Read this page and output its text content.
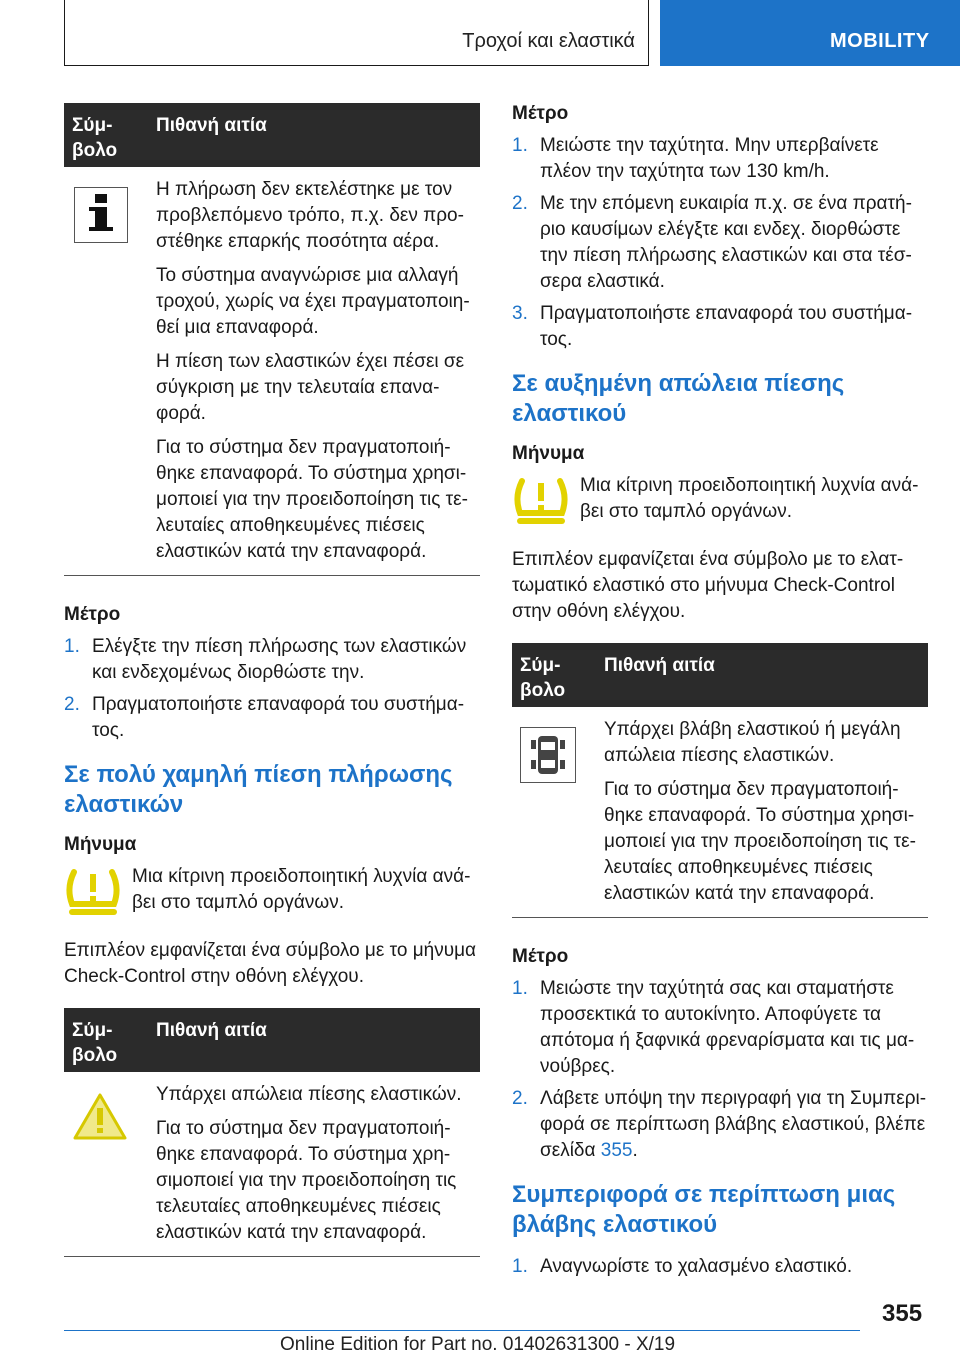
Τροχοί και ελαστικά	MOBILITY
Σύμ-βολο
Πιθανή αιτία

Η πλήρωση δεν εκτελέστηκε με τον προβλεπόμενο τρόπο, π.χ. δεν προ-στέθηκε επαρκής ποσότητα αέρα.

Το σύστημα αναγνώρισε μια αλλαγή τροχού, χωρίς να έχει πραγματοποιη-θεί μια επαναφορά.

Η πίεση των ελαστικών έχει πέσει σε σύγκριση με την τελευταία επανα-φορά.

Για το σύστημα δεν πραγματοποιή-θηκε επαναφορά. Το σύστημα χρησι-μοποιεί για την προειδοποίηση τις τε-λευταίες αποθηκευμένες πιέσεις ελαστικών κατά την επαναφορά.

Μέτρο
1. Ελέγξτε την πίεση πλήρωσης των ελαστικών και ενδεχομένως διορθώστε την.
2. Πραγματοποιήστε επαναφορά του συστήμα-τος.
Σε πολύ χαμηλή πίεση πλήρωσης ελαστικών
Μήνυμα
Μια κίτρινη προειδοποιητική λυχνία ανά-βει στο ταμπλό οργάνων.
Επιπλέον εμφανίζεται ένα σύμβολο με το μήνυμα Check-Control στην οθόνη ελέγχου.
Σύμ-βολο
Πιθανή αιτία

Υπάρχει απώλεια πίεσης ελαστικών.

Για το σύστημα δεν πραγματοποιή-θηκε επαναφορά. Το σύστημα χρη-σιμοποιεί για την προειδοποίηση τις τελευταίες αποθηκευμένες πιέσεις ελαστικών κατά την επαναφορά.

Μέτρο
1. Μειώστε την ταχύτητα. Μην υπερβαίνετε πλέον την ταχύτητα των 130 km/h.
2. Με την επόμενη ευκαιρία π.χ. σε ένα πρατή-ριο καυσίμων ελέγξτε και ενδεχ. διορθώστε την πίεση πλήρωσης ελαστικών και στα τέσ-σερα ελαστικά.
3. Πραγματοποιήστε επαναφορά του συστήμα-τος.
Σε αυξημένη απώλεια πίεσης ελαστικού
Μήνυμα
Μια κίτρινη προειδοποιητική λυχνία ανά-βει στο ταμπλό οργάνων.
Επιπλέον εμφανίζεται ένα σύμβολο με το ελατ-τωματικό ελαστικό στο μήνυμα Check-Control στην οθόνη ελέγχου.
Σύμ-βολο
Πιθανή αιτία

Υπάρχει βλάβη ελαστικού ή μεγάλη απώλεια πίεσης ελαστικών.

Για το σύστημα δεν πραγματοποιή-θηκε επαναφορά. Το σύστημα χρησι-μοποιεί για την προειδοποίηση τις τε-λευταίες αποθηκευμένες πιέσεις ελαστικών κατά την επαναφορά.

Μέτρο
1. Μειώστε την ταχύτητά σας και σταματήστε προσεκτικά το αυτοκίνητο. Αποφύγετε τα απότομα ή ξαφνικά φρεναρίσματα και τις μα-νούβρες.
2. Λάβετε υπόψη την περιγραφή για τη Συμπερι-φορά σε περίπτωση βλάβης ελαστικού, βλέπε σελίδα 355.
Συμπεριφορά σε περίπτωση μιας βλάβης ελαστικού
1. Αναγνωρίστε το χαλασμένο ελαστικό.
355
Online Edition for Part no. 01402631300 - X/19
